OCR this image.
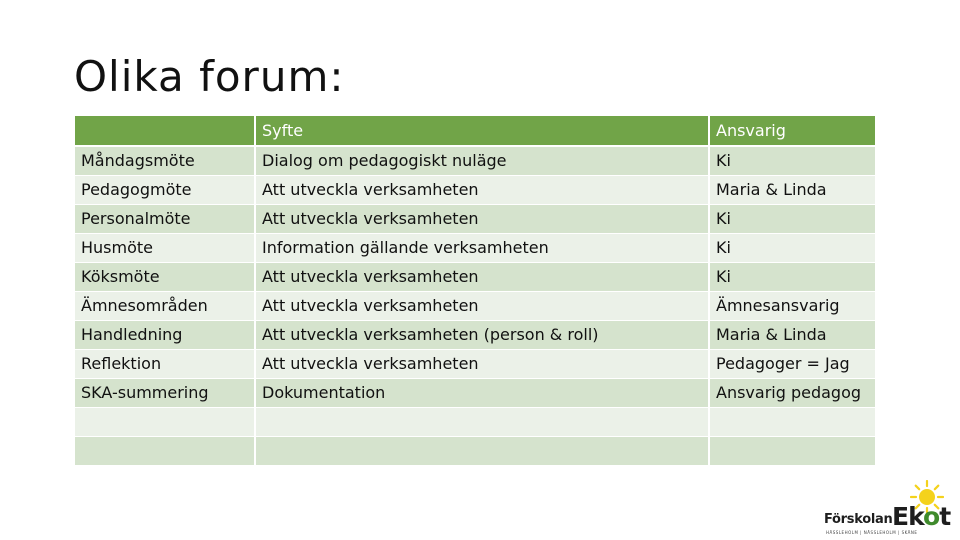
Olika forum:
	Syfte	Ansvarig
Måndagsmöte	Dialog om pedagogiskt nuläge	Ki
Pedagogmöte	Att utveckla verksamheten	Maria & Linda
Personalmöte	Att utveckla verksamheten	Ki
Husmöte	Information gällande verksamheten	Ki
Köksmöte	Att utveckla verksamheten	Ki
Ämnesområden	Att utveckla verksamheten	Ämnesansvarig
Handledning	Att utveckla verksamheten (person & roll)	Maria & Linda
Reflektion	Att utveckla verksamheten	Pedagoger = Jag
SKA-summering	Dokumentation	Ansvarig pedagog

Förskolan Ekot
HÄSSLEHOLM | NÄSSLEHOLM | SKÄNE
